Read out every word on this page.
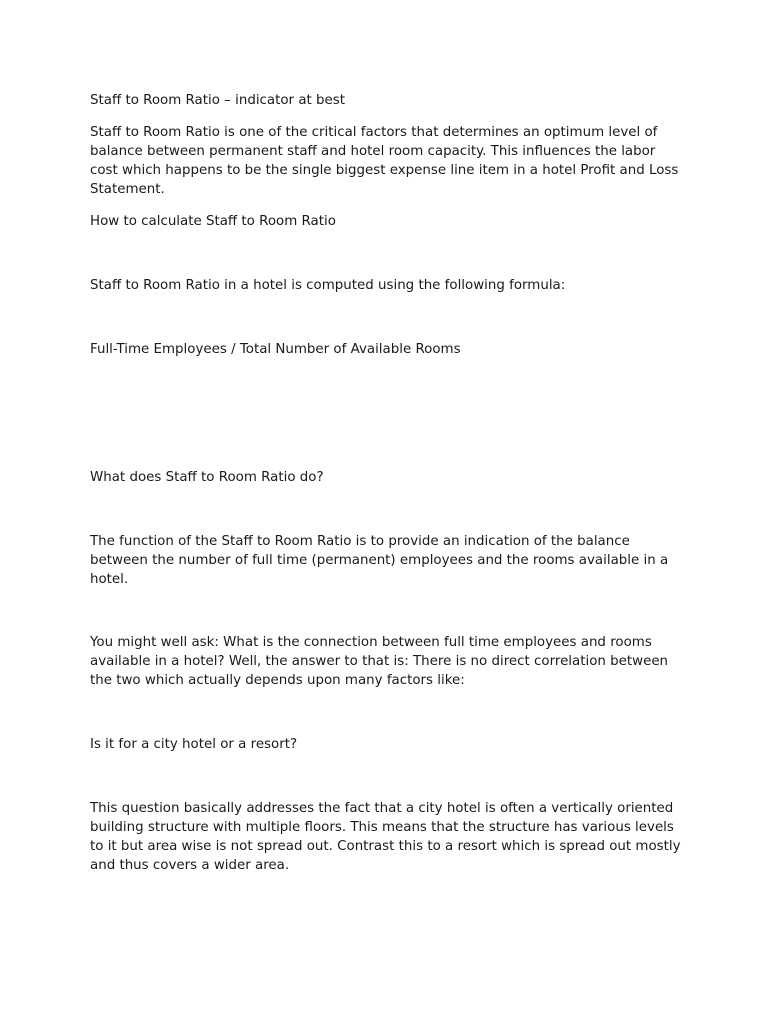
Staff to Room Ratio – indicator at best

Staff to Room Ratio is one of the critical factors that determines an optimum level of balance between permanent staff and hotel room capacity. This influences the labor cost which happens to be the single biggest expense line item in a hotel Profit and Loss Statement.

How to calculate Staff to Room Ratio

Staff to Room Ratio in a hotel is computed using the following formula:

Full-Time Employees / Total Number of Available Rooms

What does Staff to Room Ratio do?

The function of the Staff to Room Ratio is to provide an indication of the balance between the number of full time (permanent) employees and the rooms available in a hotel.

You might well ask: What is the connection between full time employees and rooms available in a hotel? Well, the answer to that is: There is no direct correlation between the two which actually depends upon many factors like:

Is it for a city hotel or a resort?

This question basically addresses the fact that a city hotel is often a vertically oriented building structure with multiple floors. This means that the structure has various levels to it but area wise is not spread out. Contrast this to a resort which is spread out mostly and thus covers a wider area.
